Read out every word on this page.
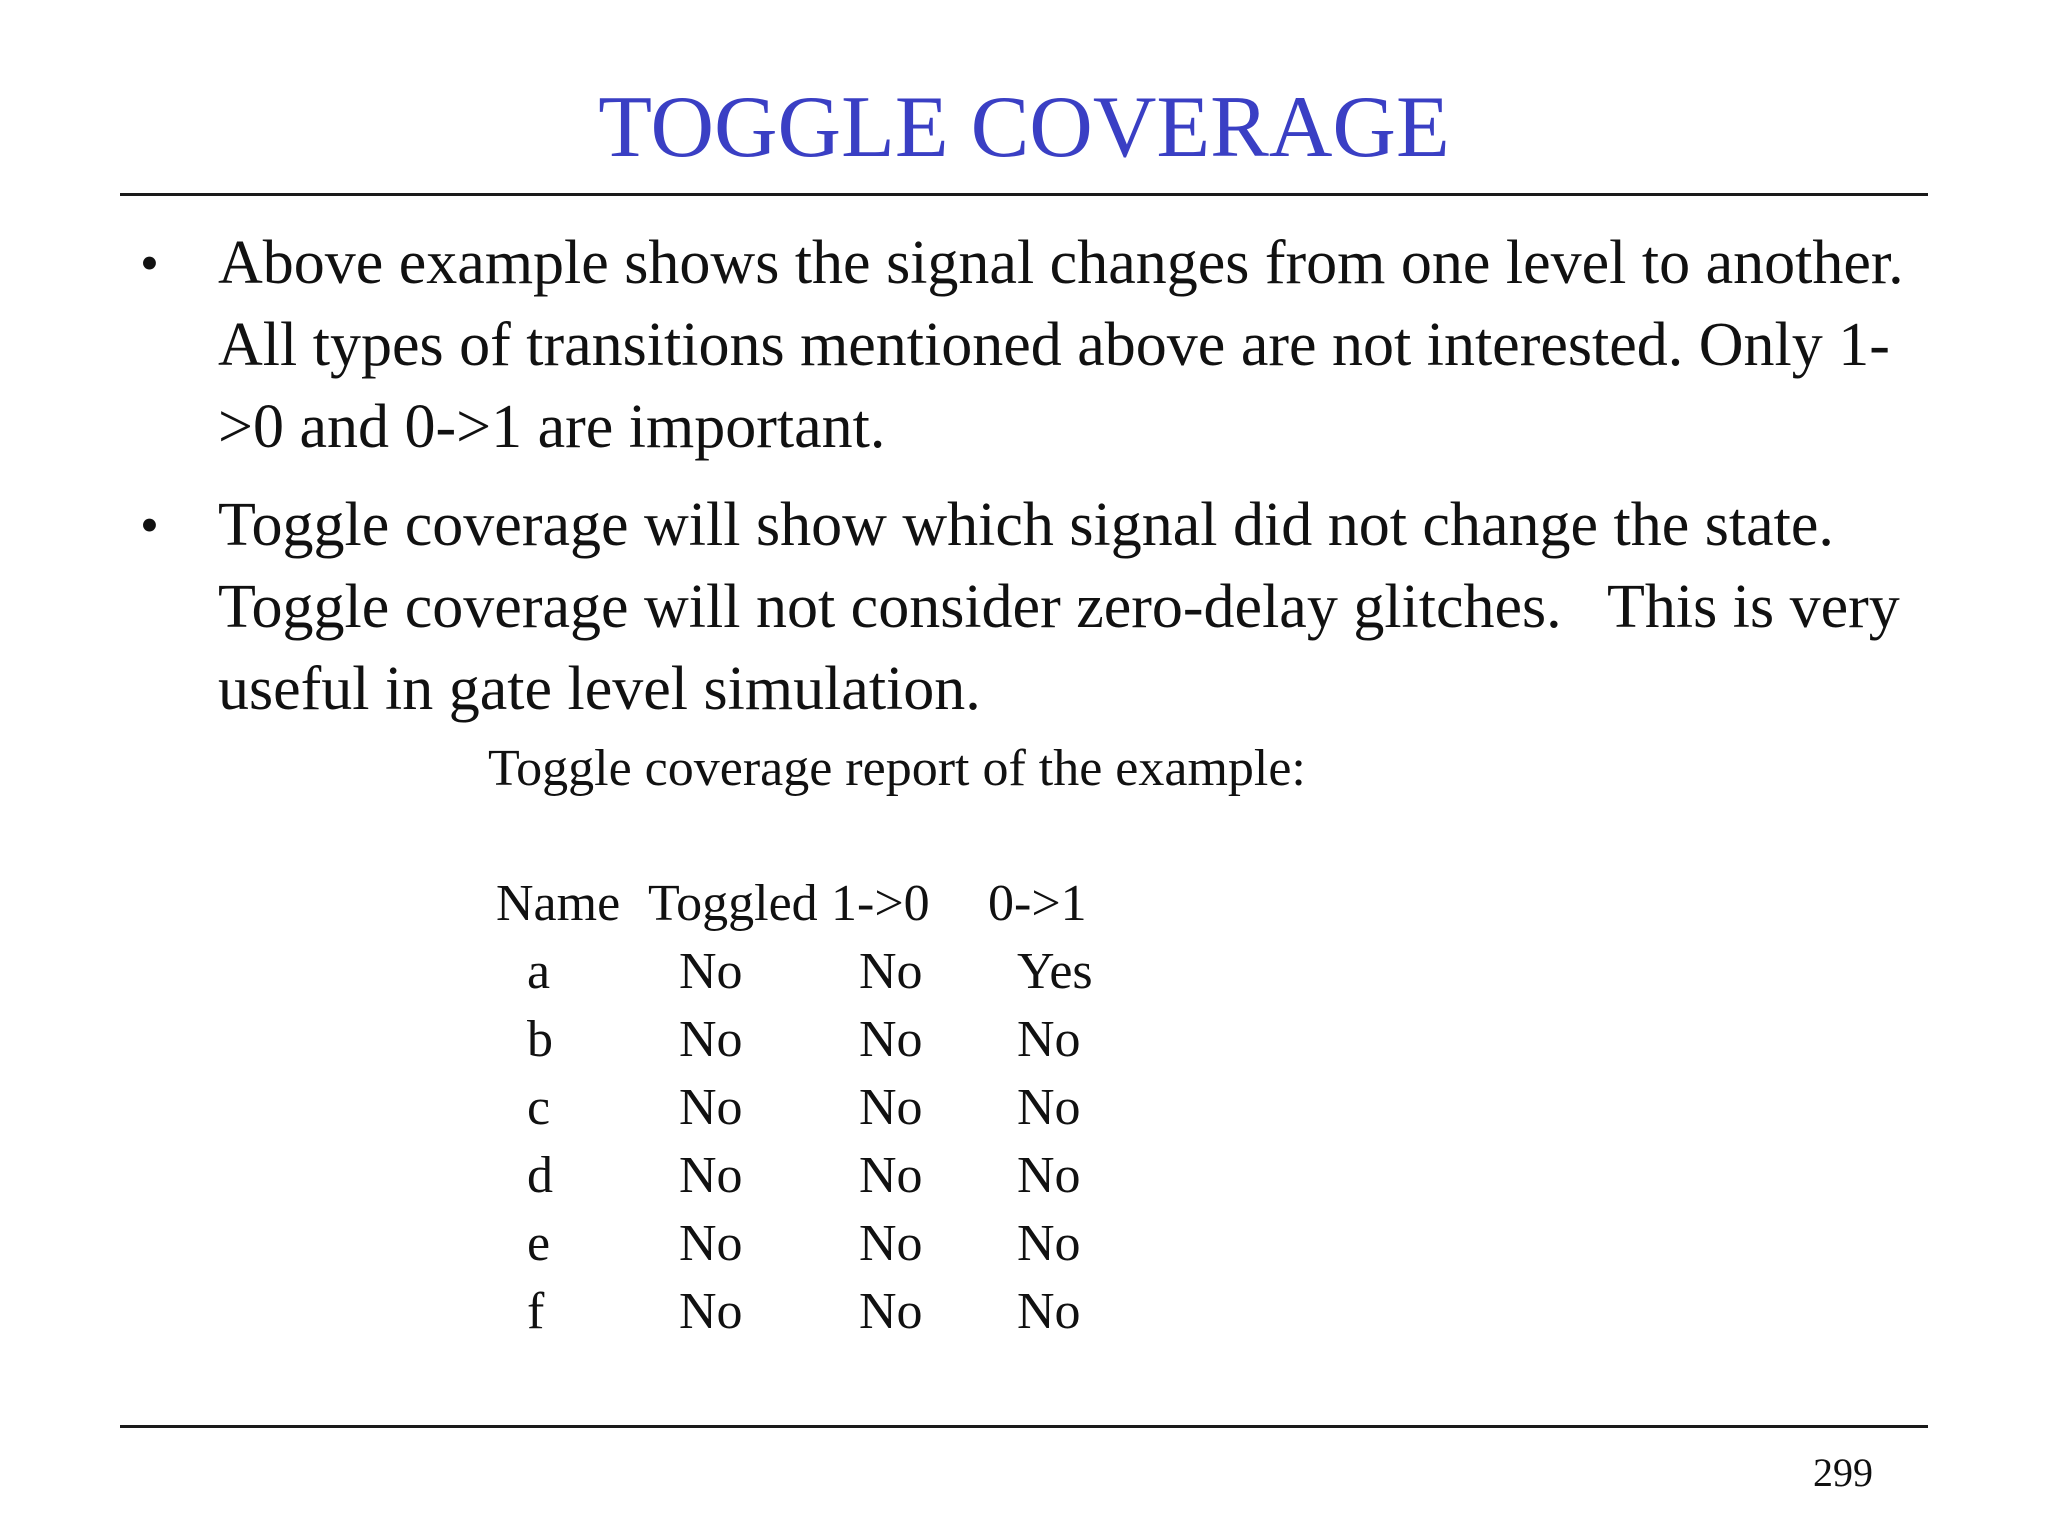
TOGGLE COVERAGE
• Above example shows the signal changes from one level to another. All types of transitions mentioned above are not interested. Only 1->0 and 0->1 are important.
• Toggle coverage will show which signal did not change the state. Toggle coverage will not consider zero-delay glitches.   This is very useful in gate level simulation.
Toggle coverage report of the example:
Name Toggled 1->0	0->1
a	No	No	Yes
b	No	No	No
c	No	No	No
d	No	No	No
e	No	No	No
f	No	No	No
299
